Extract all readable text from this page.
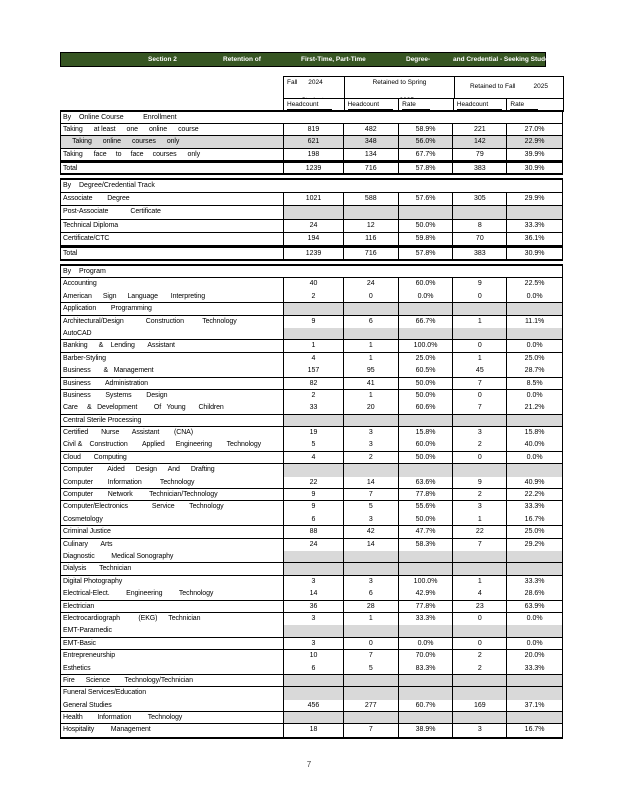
Section 2	Retention of	First-Time, Part-Time	Degree-	and Credential - Seeking Students
Fall      2024

	Retained to Spring

Retained to Fall          2025
Headcount	Headcount	Rate	Headcount	Rate
By    Online Course          Enrollment
Taking      at least      one      online      course	819	482	58.9%	221	27.0%
Taking      online      courses      only	621	348	56.0%	142	22.9%
Taking      face     to     face     courses      only	198	134	67.7%	79	39.9%
Total	1239	716	57.8%	383	30.9%
By    Degree/Credential Track
Associate        Degree	1021	588	57.6%	305	29.9%
Post-Associate            Certificate
Technical Diploma	24	12	50.0%	8	33.3%
Certificate/CTC	194	116	59.8%	70	36.1%
Total	1239	716	57.8%	383	30.9%
By    Program
Accounting	40	24	60.0%	9	22.5%
American      Sign      Language       Interpreting	2	0	0.0%	0	0.0%
Application        Programming
Architectural/Design            Construction          Technology	9	6	66.7%	1	11.1%
AutoCAD
Banking      &    Lending       Assistant	1	1	100.0%	0	0.0%
Barber-Styling	4	1	25.0%	1	25.0%
Business       &   Management	157	95	60.5%	45	28.7%
Business        Administration	82	41	50.0%	7	8.5%
Business        Systems        Design	2	1	50.0%	0	0.0%
Care     &   Development         Of   Young       Children	33	20	60.6%	7	21.2%
Central Sterile Processing
Certified       Nurse       Assistant        (CNA)	19	3	15.8%	3	15.8%
Civil &    Construction        Applied      Engineering        Technology	5	3	60.0%	2	40.0%
Cloud       Computing	4	2	50.0%	0	0.0%
Computer        Aided      Design      And      Drafting
Computer        Information          Technology	22	14	63.6%	9	40.9%
Computer        Network         Technician/Technology	9	7	77.8%	2	22.2%
Computer/Electronics             Service        Technology	9	5	55.6%	3	33.3%
Cosmetology	6	3	50.0%	1	16.7%
Criminal Justice	88	42	47.7%	22	25.0%
Culinary       Arts	24	14	58.3%	7	29.2%
Diagnostic         Medical Sonography
Dialysis       Technician
Digital Photography	3	3	100.0%	1	33.3%
Electrical-Elect.         Engineering         Technology	14	6	42.9%	4	28.6%
Electrician	36	28	77.8%	23	63.9%
Electrocardiograph          (EKG)      Technician	3	1	33.3%	0	0.0%
EMT-Paramedic
EMT-Basic	3	0	0.0%	0	0.0%
Entrepreneurship	10	7	70.0%	2	20.0%
Esthetics	6	5	83.3%	2	33.3%
Fire      Science        Technology/Technician
Funeral Services/Education
General Studies	456	277	60.7%	169	37.1%
Health        Information         Technology
Hospitality         Management	18	7	38.9%	3	16.7%
7
